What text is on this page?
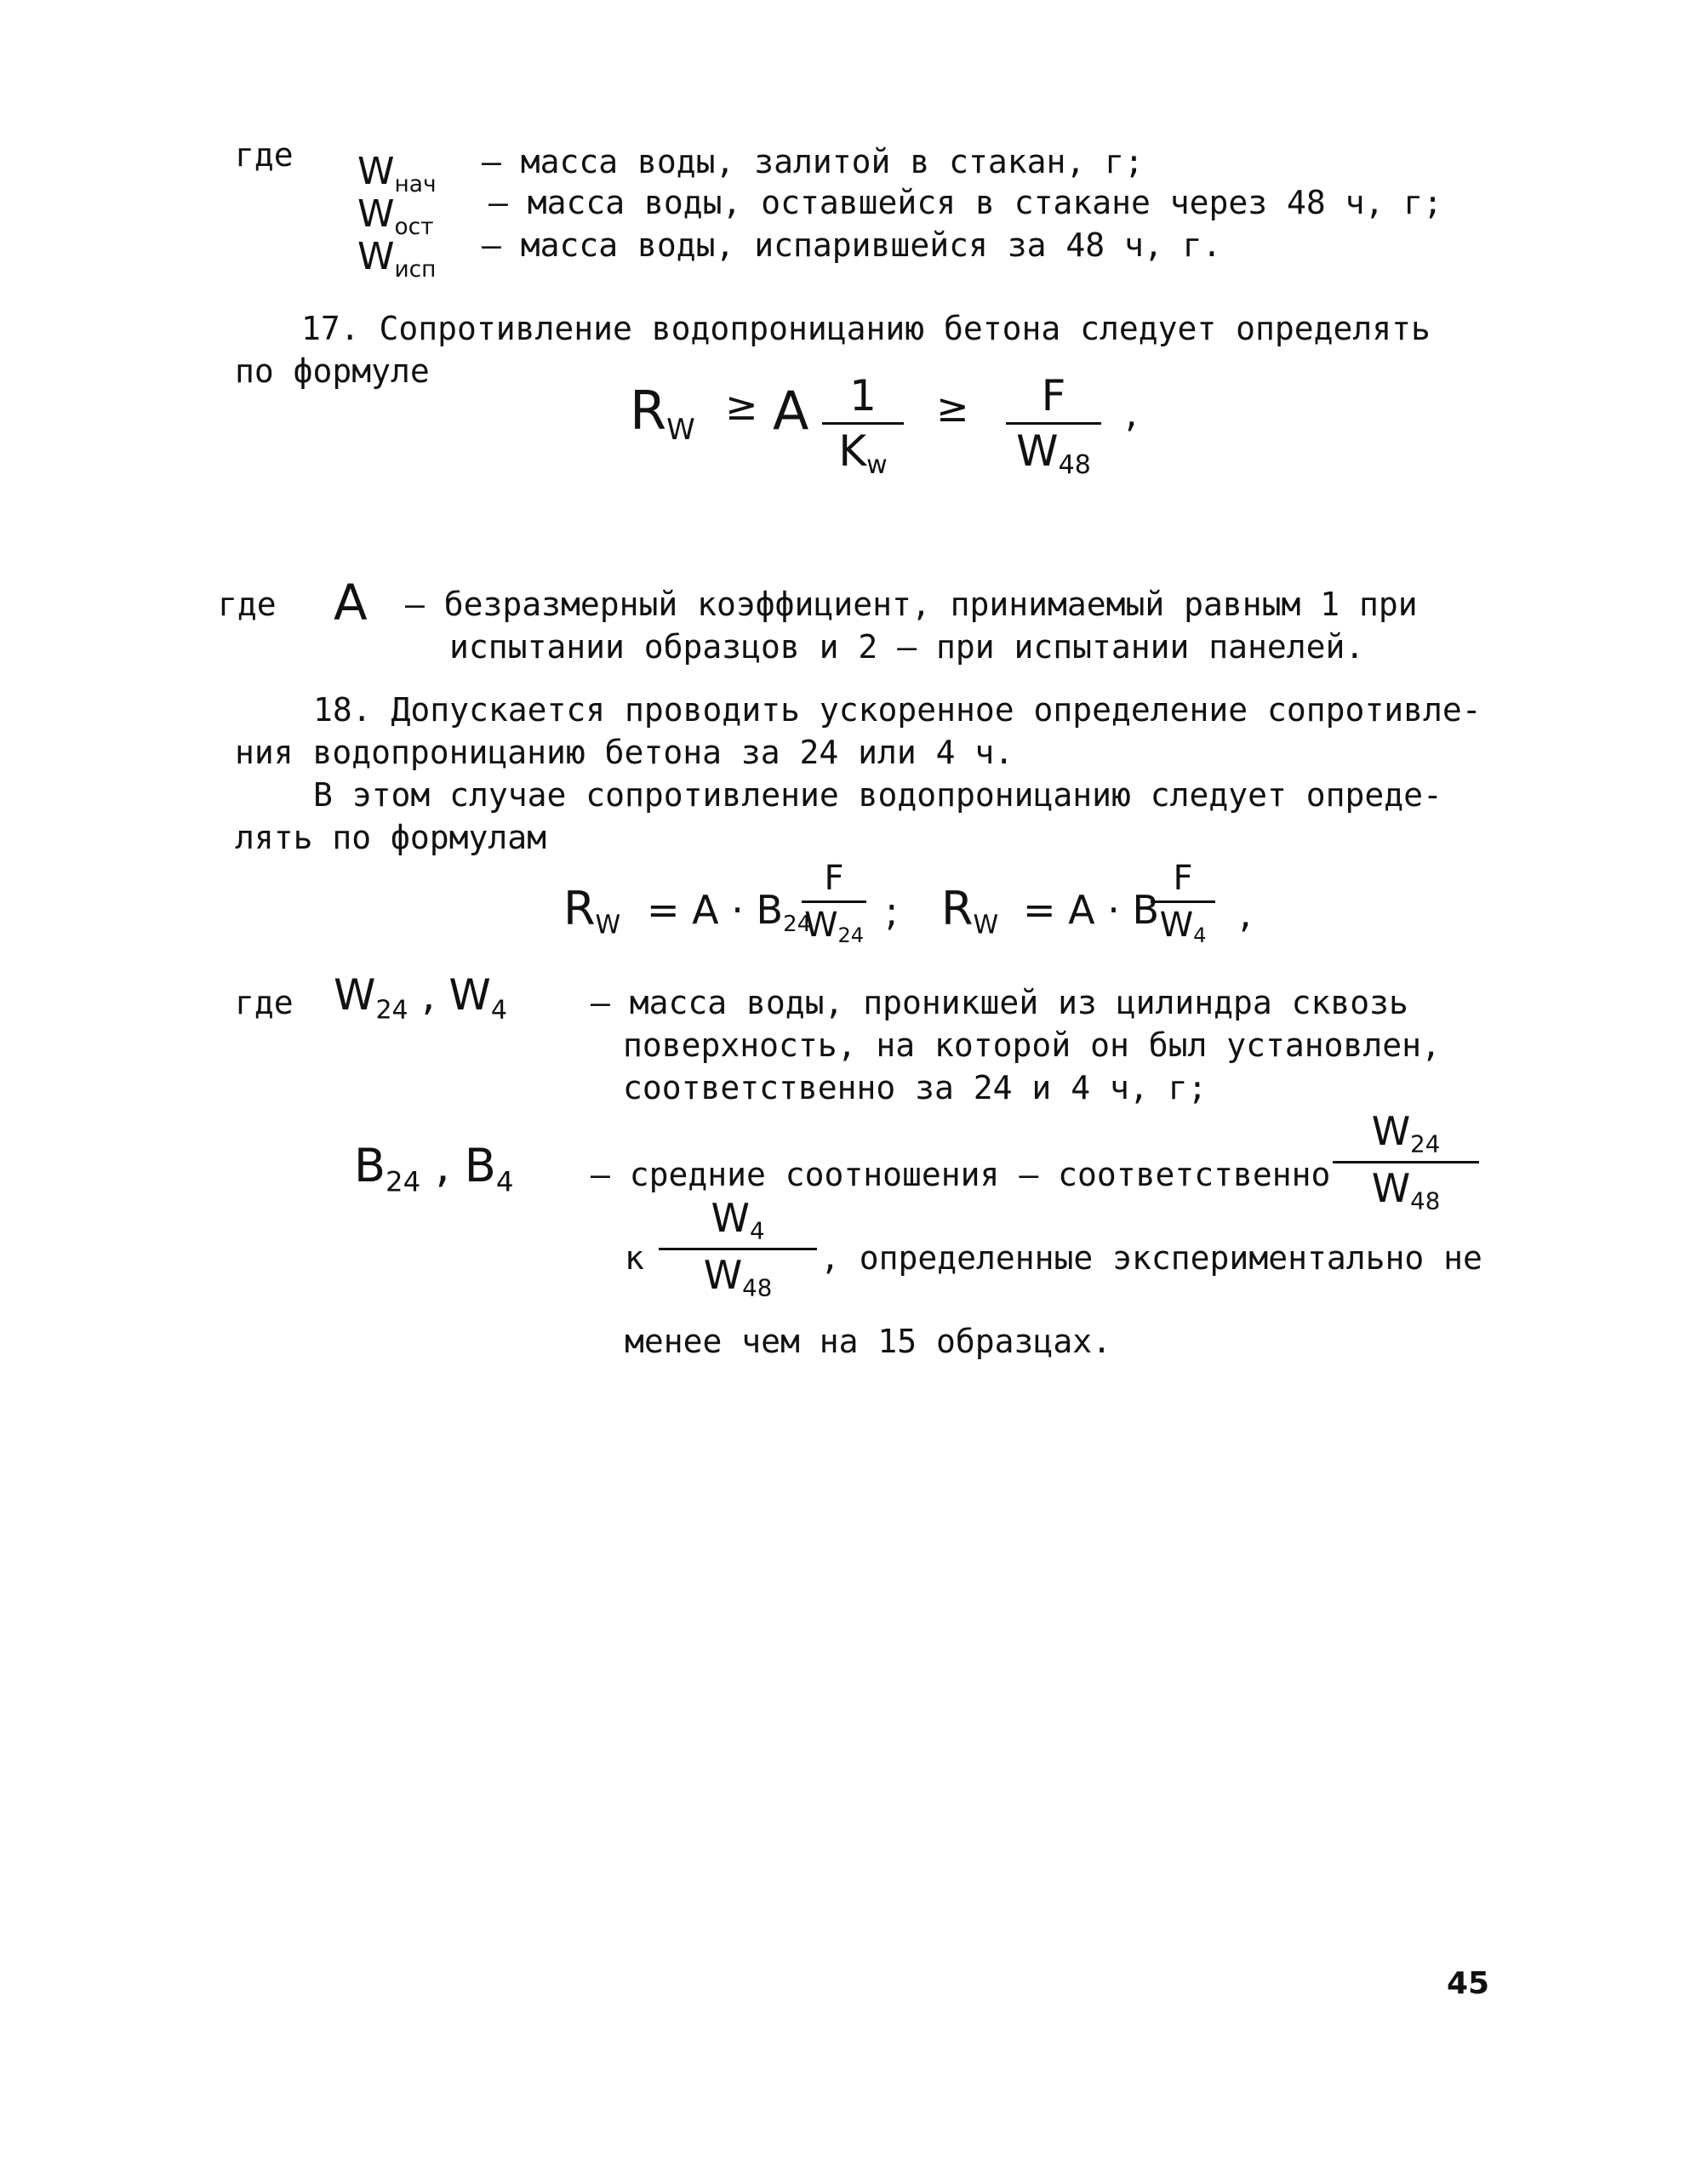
где $W_{нач}$
– масса воды, залитой в стакан, г;
$W_{ост}$
– масса воды, оставшейся в стакане через 48 ч, г;
$W_{исп}$
– масса воды, испарившейся за 48 ч, г.
17. Сопротивление водопроницанию бетона следует определять
по формуле
$R_W$
≥ A 1
$K_w$
≥	F
$W_{48}$
,
где A – безразмерный коэффициент, принимаемый равным 1 при
испытании образцов и 2 – при испытании панелей.
18. Допускается проводить ускоренное определение сопротивле-
ния водопроницанию бетона за 24 или 4 ч.
В этом случае сопротивление водопроницанию следует опреде-
лять по формулам
$R_W = A \cdot B_{24}$
F
$W_{24}$
; $R_W = A \cdot B$
F
$W_4$ ,
где $W_{24}$ , $W_4$	– масса воды, проникшей из цилиндра сквозь
поверхность, на которой он был установлен,
соответственно за 24 и 4 ч, г;
$B_{24}$ , $B_4$ – средние соотношения – соответственно
$W_{24}$
$W_{48}$
к
$W_4$
$W_{48}$
, определенные экспериментально не
менее чем на 15 образцах.
45
